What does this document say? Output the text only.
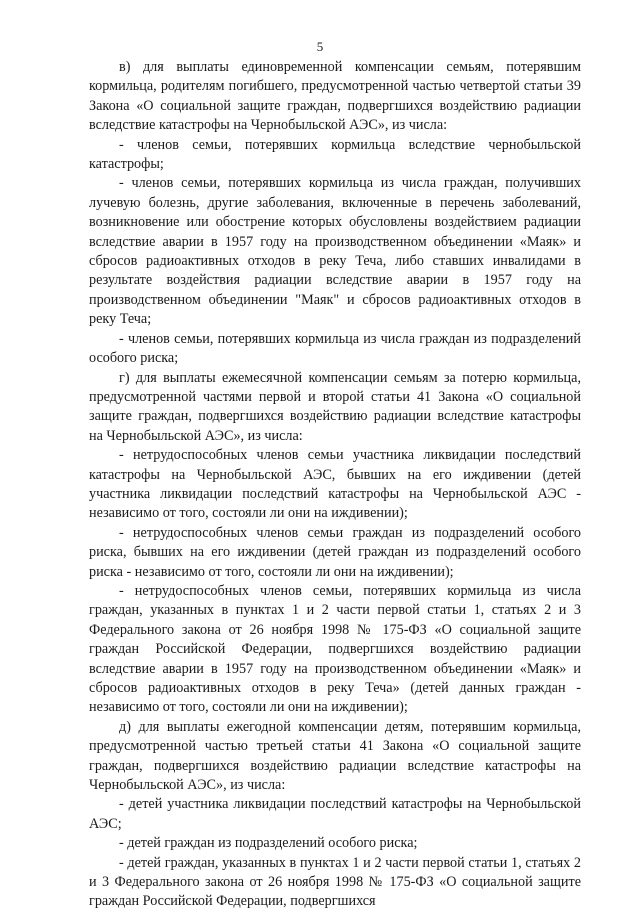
5

в) для выплаты единовременной компенсации семьям, потерявшим кормильца, родителям погибшего, предусмотренной частью четвертой статьи 39 Закона «О социальной защите граждан, подвергшихся воздействию радиации вследствие катастрофы на Чернобыльской АЭС», из числа:

- членов семьи, потерявших кормильца вследствие чернобыльской катастрофы;

- членов семьи, потерявших кормильца из числа граждан, получивших лучевую болезнь, другие заболевания, включенные в перечень заболеваний, возникновение или обострение которых обусловлены воздействием радиации вследствие аварии в 1957 году на производственном объединении «Маяк» и сбросов радиоактивных отходов в реку Теча, либо ставших инвалидами в результате воздействия радиации вследствие аварии в 1957 году на производственном объединении "Маяк" и сбросов радиоактивных отходов в реку Теча;

- членов семьи, потерявших кормильца из числа граждан из подразделений особого риска;

г) для выплаты ежемесячной компенсации семьям за потерю кормильца, предусмотренной частями первой и второй статьи 41 Закона «О социальной защите граждан, подвергшихся воздействию радиации вследствие катастрофы на Чернобыльской АЭС», из числа:

- нетрудоспособных членов семьи участника ликвидации последствий катастрофы на Чернобыльской АЭС, бывших на его иждивении (детей участника ликвидации последствий катастрофы на Чернобыльской АЭС - независимо от того, состояли ли они на иждивении);

- нетрудоспособных членов семьи граждан из подразделений особого риска, бывших на его иждивении (детей граждан из подразделений особого риска - независимо от того, состояли ли они на иждивении);

- нетрудоспособных членов семьи, потерявших кормильца из числа граждан, указанных в пунктах 1 и 2 части первой статьи 1, статьях 2 и 3 Федерального закона от 26 ноября 1998 № 175-ФЗ «О социальной защите граждан Российской Федерации, подвергшихся воздействию радиации вследствие аварии в 1957 году на производственном объединении «Маяк» и сбросов радиоактивных отходов в реку Теча» (детей данных граждан - независимо от того, состояли ли они на иждивении);

д) для выплаты ежегодной компенсации детям, потерявшим кормильца, предусмотренной частью третьей статьи 41 Закона «О социальной защите граждан, подвергшихся воздействию радиации вследствие катастрофы на Чернобыльской АЭС», из числа:

- детей участника ликвидации последствий катастрофы на Чернобыльской АЭС;

- детей граждан из подразделений особого риска;

- детей граждан, указанных в пунктах 1 и 2 части первой статьи 1, статьях 2 и 3 Федерального закона от 26 ноября 1998 № 175-ФЗ «О социальной защите граждан Российской Федерации, подвергшихся
